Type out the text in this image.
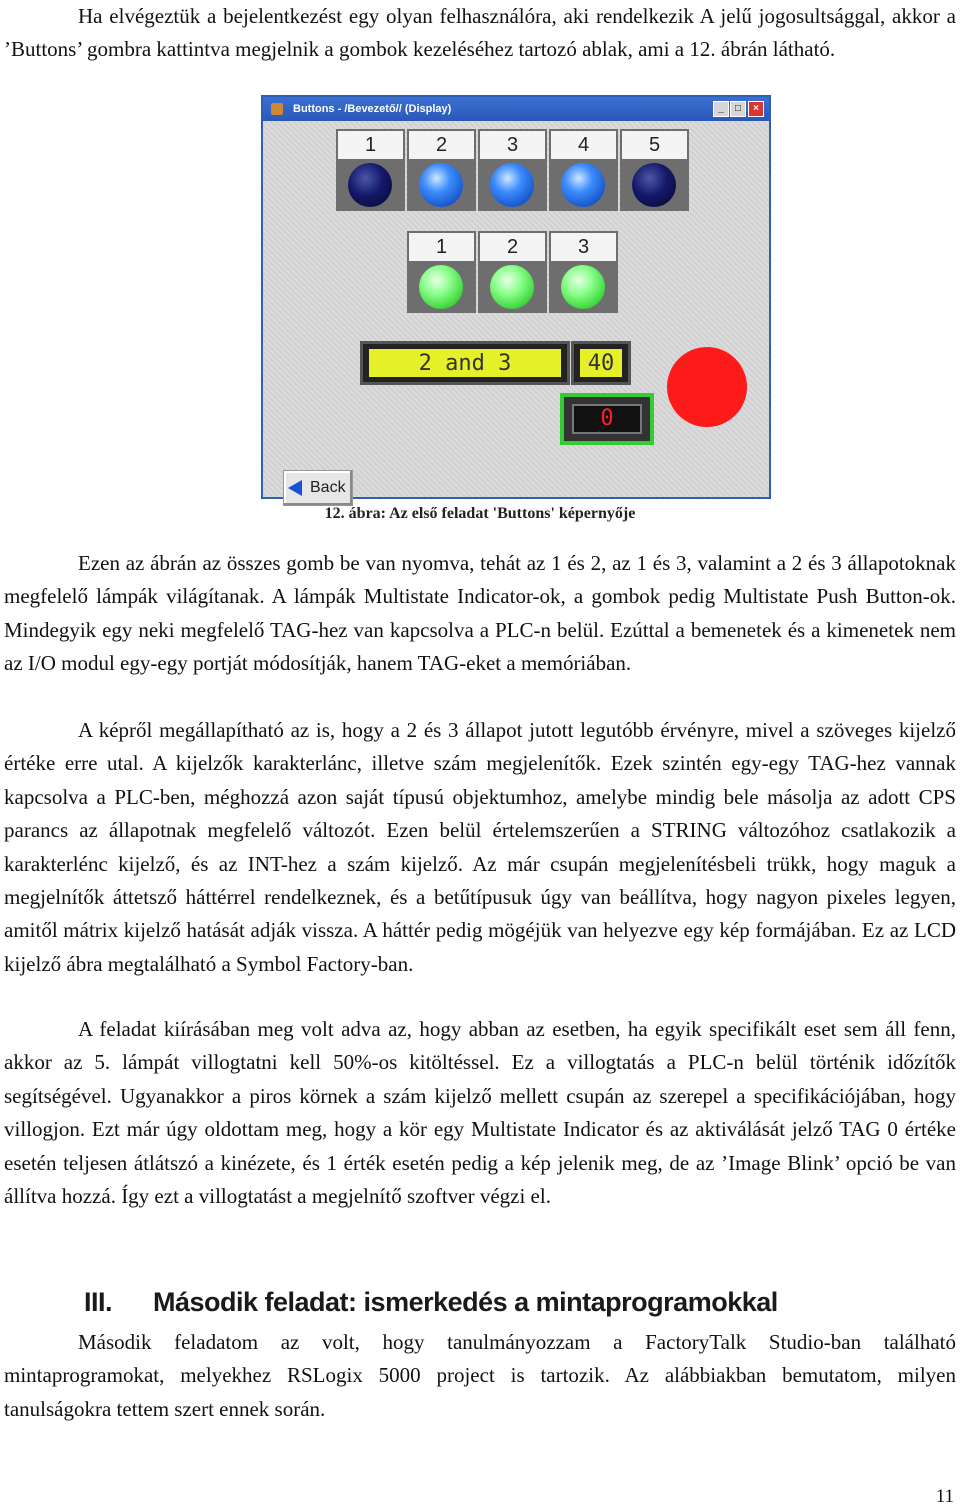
Ha elvégeztük a bejelentkezést egy olyan felhasználóra, aki rendelkezik A jelű jogosultsággal, akkor a ’Buttons’ gombra kattintva megjelnik a gombok kezeléséhez tartozó ablak, ami a 12. ábrán látható.

Buttons - /Bevezető// (Display)	_	□	×
1	2	3	4	5
1	2	3
2 and 3	40
0
Back
12. ábra: Az első feladat 'Buttons' képernyője

Ezen az ábrán az összes gomb be van nyomva, tehát az 1 és 2, az 1 és 3, valamint a 2 és 3 állapotoknak megfelelő lámpák világítanak. A lámpák Multistate Indicator-ok, a gombok pedig Multistate Push Button-ok. Mindegyik egy neki megfelelő TAG-hez van kapcsolva a PLC-n belül. Ezúttal a bemenetek és a kimenetek nem az I/O modul egy-egy portját módosítják, hanem TAG-eket a memóriában.

A képről megállapítható az is, hogy a 2 és 3 állapot jutott legutóbb érvényre, mivel a szöveges kijelző értéke erre utal. A kijelzők karakterlánc, illetve szám megjelenítők. Ezek szintén egy-egy TAG-hez vannak kapcsolva a PLC-ben, méghozzá azon saját típusú objektumhoz, amelybe mindig bele másolja az adott CPS parancs az állapotnak megfelelő változót. Ezen belül értelemszerűen a STRING változóhoz csatlakozik a karakterlénc kijelző, és az INT-hez a szám kijelző. Az már csupán megjelenítésbeli trükk, hogy maguk a megjelnítők áttetsző háttérrel rendelkeznek, és a betűtípusuk úgy van beállítva, hogy nagyon pixeles legyen, amitől mátrix kijelző hatását adják vissza. A háttér pedig mögéjük van helyezve egy kép formájában. Ez az LCD kijelző ábra megtalálható a Symbol Factory-ban.

A feladat kiírásában meg volt adva az, hogy abban az esetben, ha egyik specifikált eset sem áll fenn, akkor az 5. lámpát villogtatni kell 50%-os kitöltéssel. Ez a villogtatás a PLC-n belül történik időzítők segítségével. Ugyanakkor a piros körnek a szám kijelző mellett csupán az szerepel a specifikációjában, hogy villogjon. Ezt már úgy oldottam meg, hogy a kör egy Multistate Indicator és az aktiválását jelző TAG 0 értéke esetén teljesen átlátszó a kinézete, és 1 érték esetén pedig a kép jelenik meg, de az ’Image Blink’ opció be van állítva hozzá. Így ezt a villogtatást a megjelnítő szoftver végzi el.

III. Második feladat: ismerkedés a mintaprogramokkal

Második feladatom az volt, hogy tanulmányozzam a FactoryTalk Studio-ban található mintaprogramokat, melyekhez RSLogix 5000 project is tartozik. Az alábbiakban bemutatom, milyen tanulságokra tettem szert ennek során.

11
